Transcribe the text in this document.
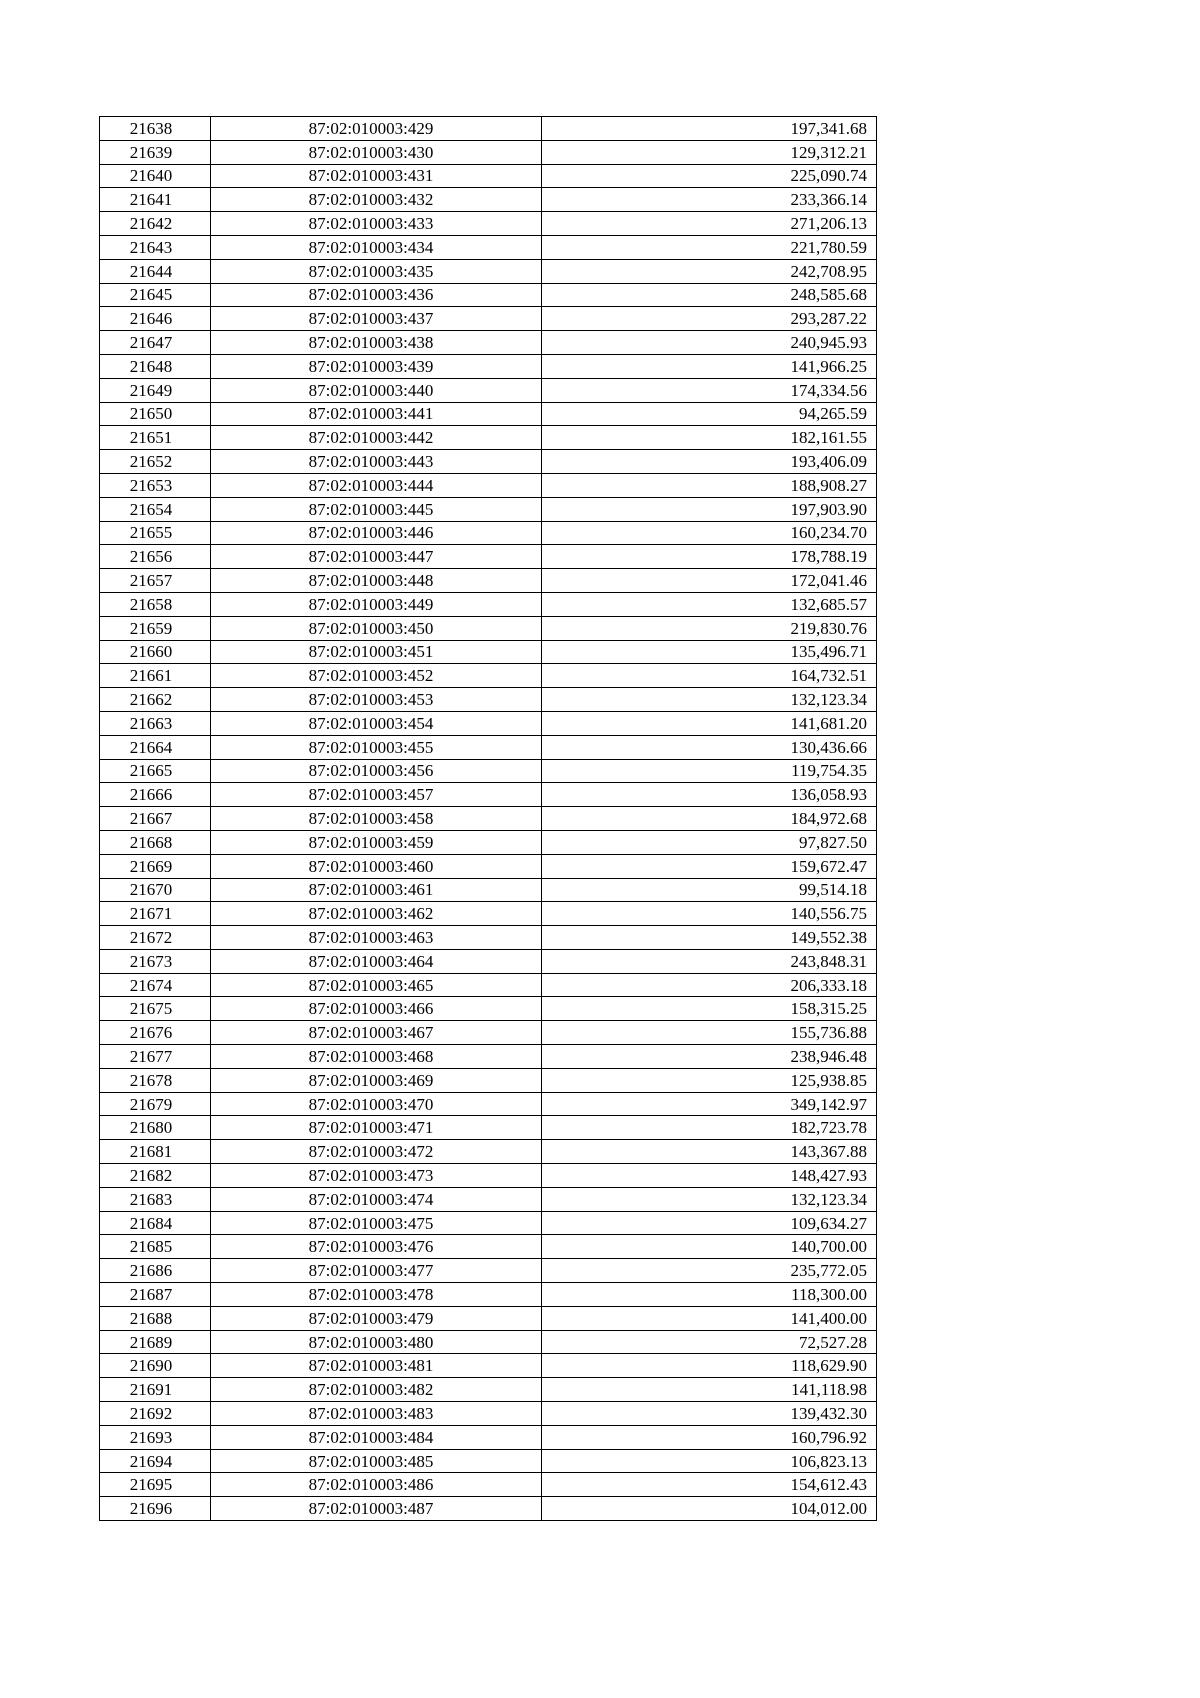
21638	87:02:010003:429	197,341.68
21639	87:02:010003:430	129,312.21
21640	87:02:010003:431	225,090.74
21641	87:02:010003:432	233,366.14
21642	87:02:010003:433	271,206.13
21643	87:02:010003:434	221,780.59
21644	87:02:010003:435	242,708.95
21645	87:02:010003:436	248,585.68
21646	87:02:010003:437	293,287.22
21647	87:02:010003:438	240,945.93
21648	87:02:010003:439	141,966.25
21649	87:02:010003:440	174,334.56
21650	87:02:010003:441	94,265.59
21651	87:02:010003:442	182,161.55
21652	87:02:010003:443	193,406.09
21653	87:02:010003:444	188,908.27
21654	87:02:010003:445	197,903.90
21655	87:02:010003:446	160,234.70
21656	87:02:010003:447	178,788.19
21657	87:02:010003:448	172,041.46
21658	87:02:010003:449	132,685.57
21659	87:02:010003:450	219,830.76
21660	87:02:010003:451	135,496.71
21661	87:02:010003:452	164,732.51
21662	87:02:010003:453	132,123.34
21663	87:02:010003:454	141,681.20
21664	87:02:010003:455	130,436.66
21665	87:02:010003:456	119,754.35
21666	87:02:010003:457	136,058.93
21667	87:02:010003:458	184,972.68
21668	87:02:010003:459	97,827.50
21669	87:02:010003:460	159,672.47
21670	87:02:010003:461	99,514.18
21671	87:02:010003:462	140,556.75
21672	87:02:010003:463	149,552.38
21673	87:02:010003:464	243,848.31
21674	87:02:010003:465	206,333.18
21675	87:02:010003:466	158,315.25
21676	87:02:010003:467	155,736.88
21677	87:02:010003:468	238,946.48
21678	87:02:010003:469	125,938.85
21679	87:02:010003:470	349,142.97
21680	87:02:010003:471	182,723.78
21681	87:02:010003:472	143,367.88
21682	87:02:010003:473	148,427.93
21683	87:02:010003:474	132,123.34
21684	87:02:010003:475	109,634.27
21685	87:02:010003:476	140,700.00
21686	87:02:010003:477	235,772.05
21687	87:02:010003:478	118,300.00
21688	87:02:010003:479	141,400.00
21689	87:02:010003:480	72,527.28
21690	87:02:010003:481	118,629.90
21691	87:02:010003:482	141,118.98
21692	87:02:010003:483	139,432.30
21693	87:02:010003:484	160,796.92
21694	87:02:010003:485	106,823.13
21695	87:02:010003:486	154,612.43
21696	87:02:010003:487	104,012.00
